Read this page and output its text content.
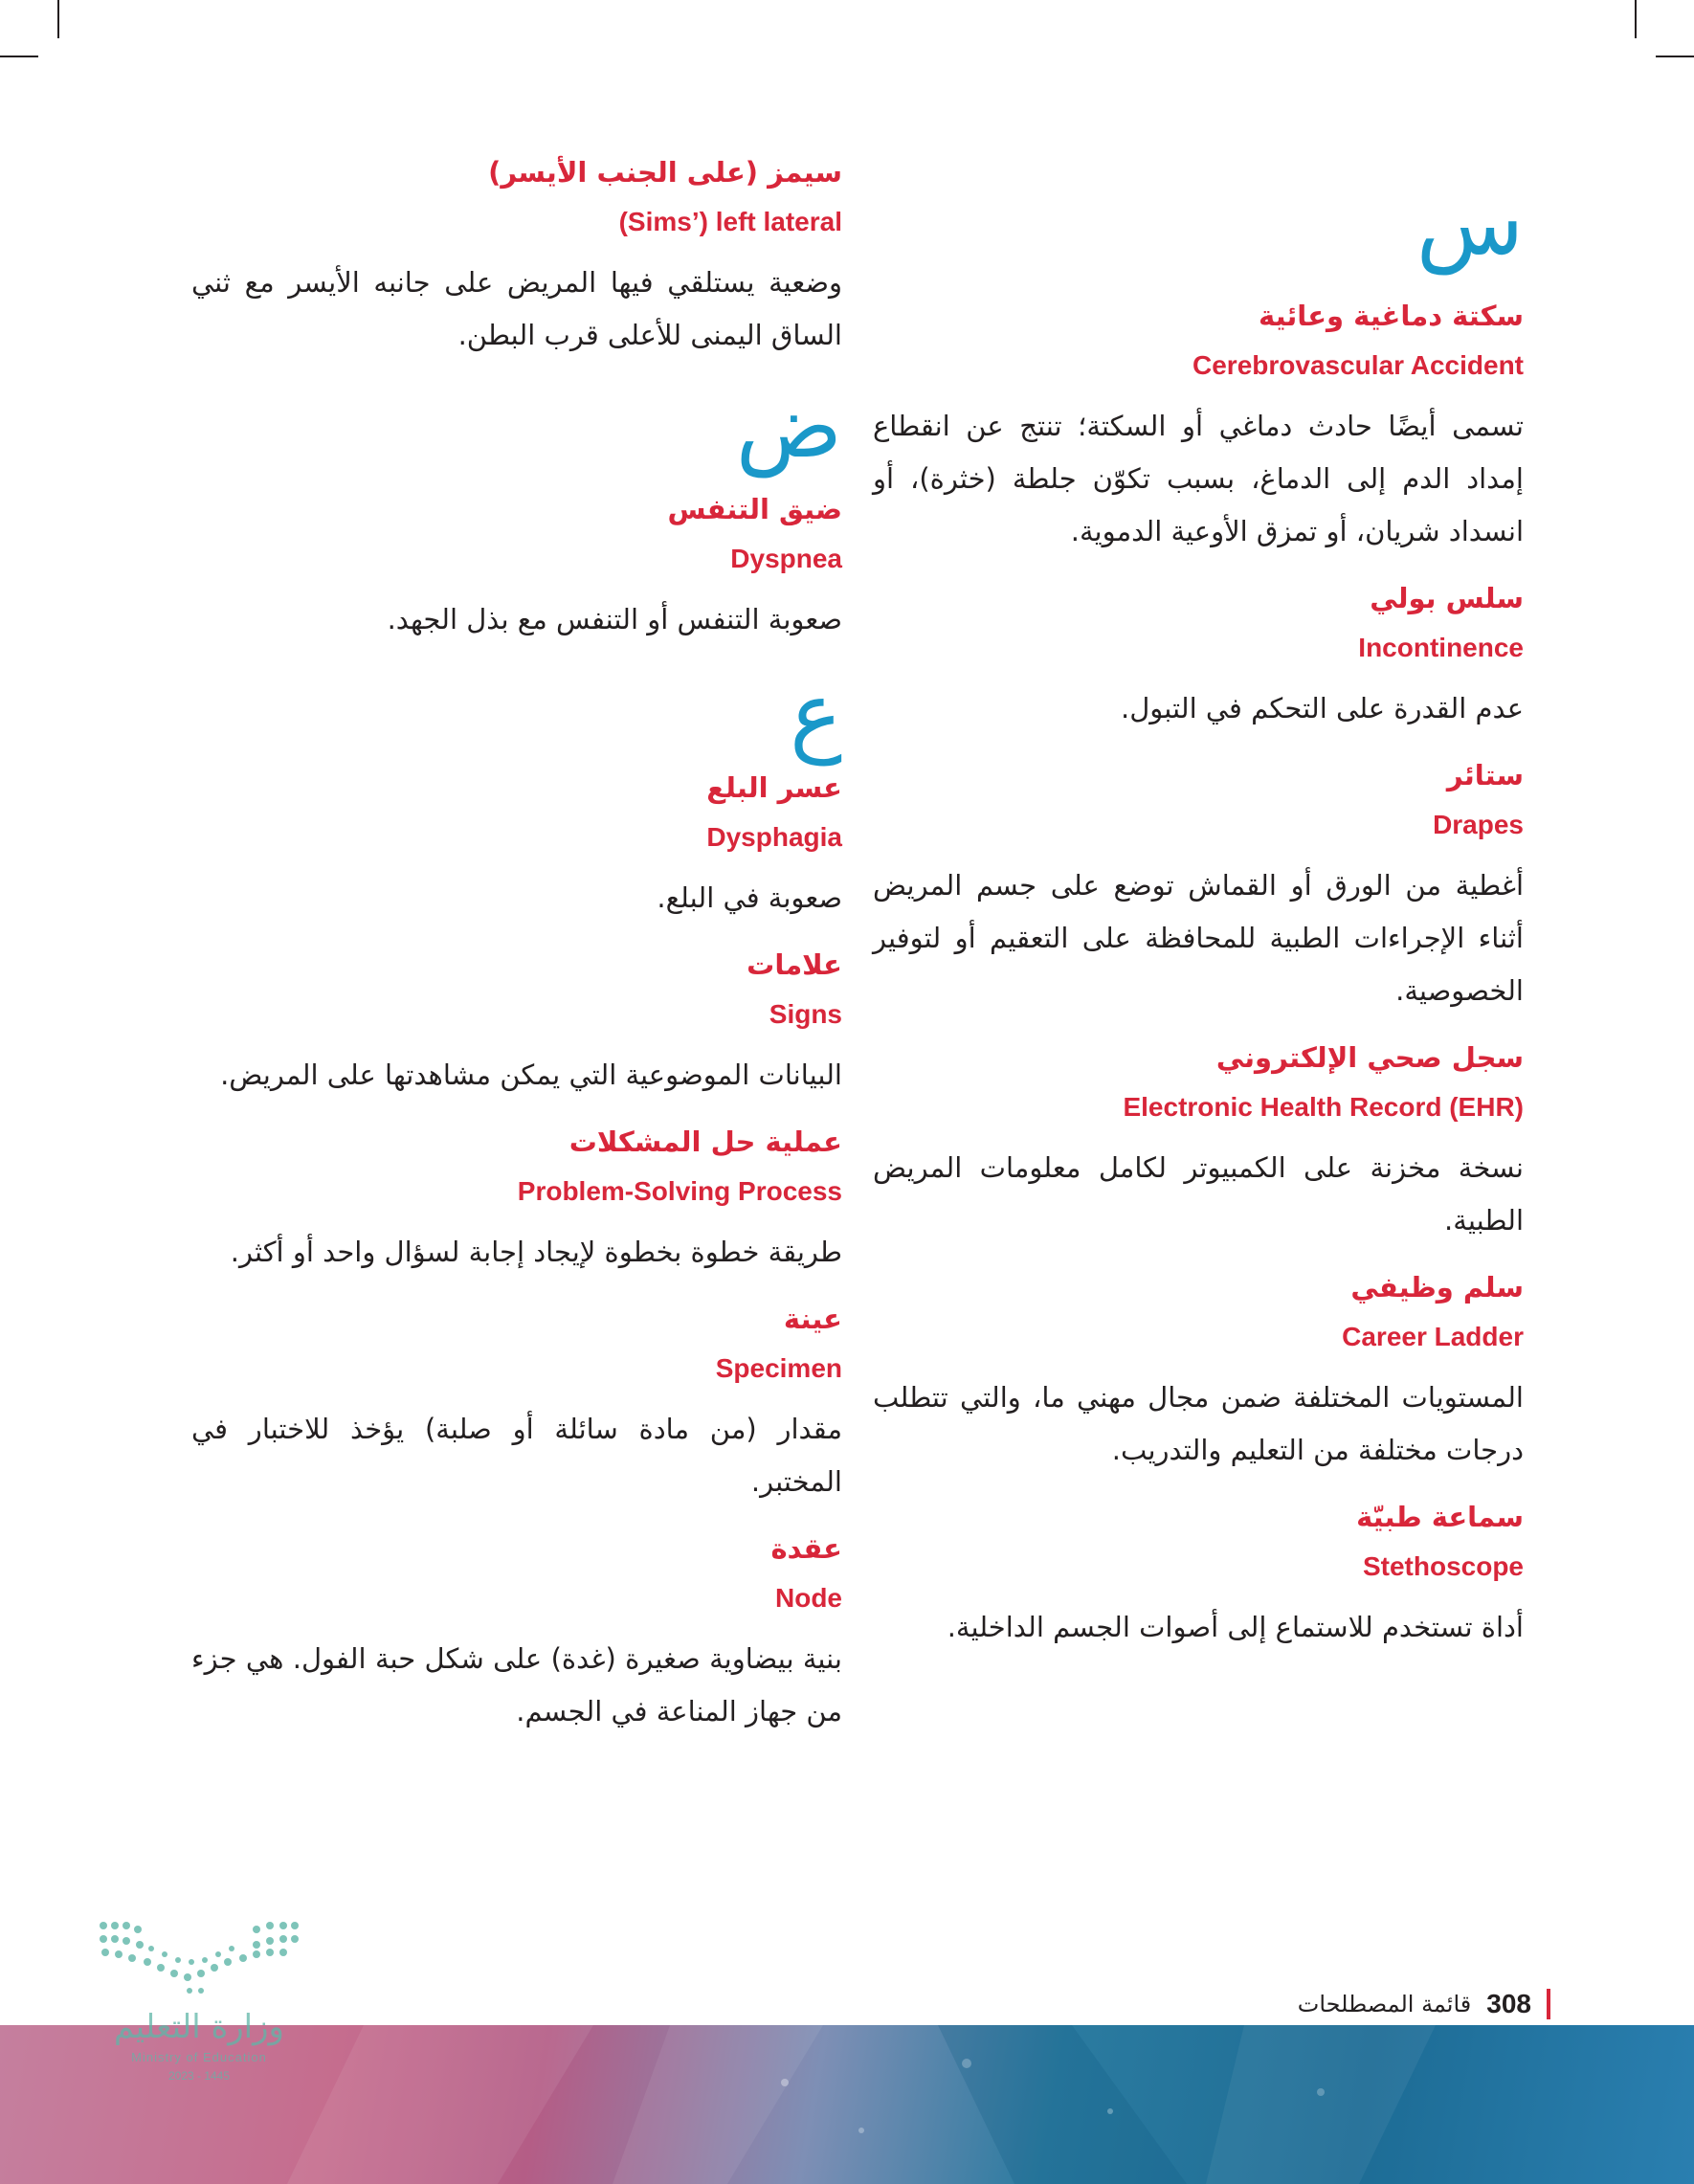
س
سكتة دماغية وعائية
Cerebrovascular Accident
تسمى أيضًا حادث دماغي أو السكتة؛ تنتج عن انقطاع إمداد الدم إلى الدماغ، بسبب تكوّن جلطة (خثرة)، أو انسداد شريان، أو تمزق الأوعية الدموية.
سلس بولي
Incontinence
عدم القدرة على التحكم في التبول.
ستائر
Drapes
أغطية من الورق أو القماش توضع على جسم المريض أثناء الإجراءات الطبية للمحافظة على التعقيم أو لتوفير الخصوصية.
سجل صحي الإلكتروني
Electronic Health Record (EHR)
نسخة مخزنة على الكمبيوتر لكامل معلومات المريض الطبية.
سلم وظيفي
Career Ladder
المستويات المختلفة ضمن مجال مهني ما، والتي تتطلب درجات مختلفة من التعليم والتدريب.
سماعة طبيّة
Stethoscope
أداة تستخدم للاستماع إلى أصوات الجسم الداخلية.
سيمز (على الجنب الأيسر)
(Sims’) left lateral
وضعية يستلقي فيها المريض على جانبه الأيسر مع ثني الساق اليمنى للأعلى قرب البطن.
ض
ضيق التنفس
Dyspnea
صعوبة التنفس أو التنفس مع بذل الجهد.
ع
عسر البلع
Dysphagia
صعوبة في البلع.
علامات
Signs
البيانات الموضوعية التي يمكن مشاهدتها على المريض.
عملية حل المشكلات
Problem-Solving Process
طريقة خطوة بخطوة لإيجاد إجابة لسؤال واحد أو أكثر.
عينة
Specimen
مقدار (من مادة سائلة أو صلبة) يؤخذ للاختبار في المختبر.
عقدة
Node
بنية بيضاوية صغيرة (غدة) على شكل حبة الفول. هي جزء من جهاز المناعة في الجسم.
308
قائمة المصطلحات
وزارة التعليم
Ministry of Education
2023 - 1445
